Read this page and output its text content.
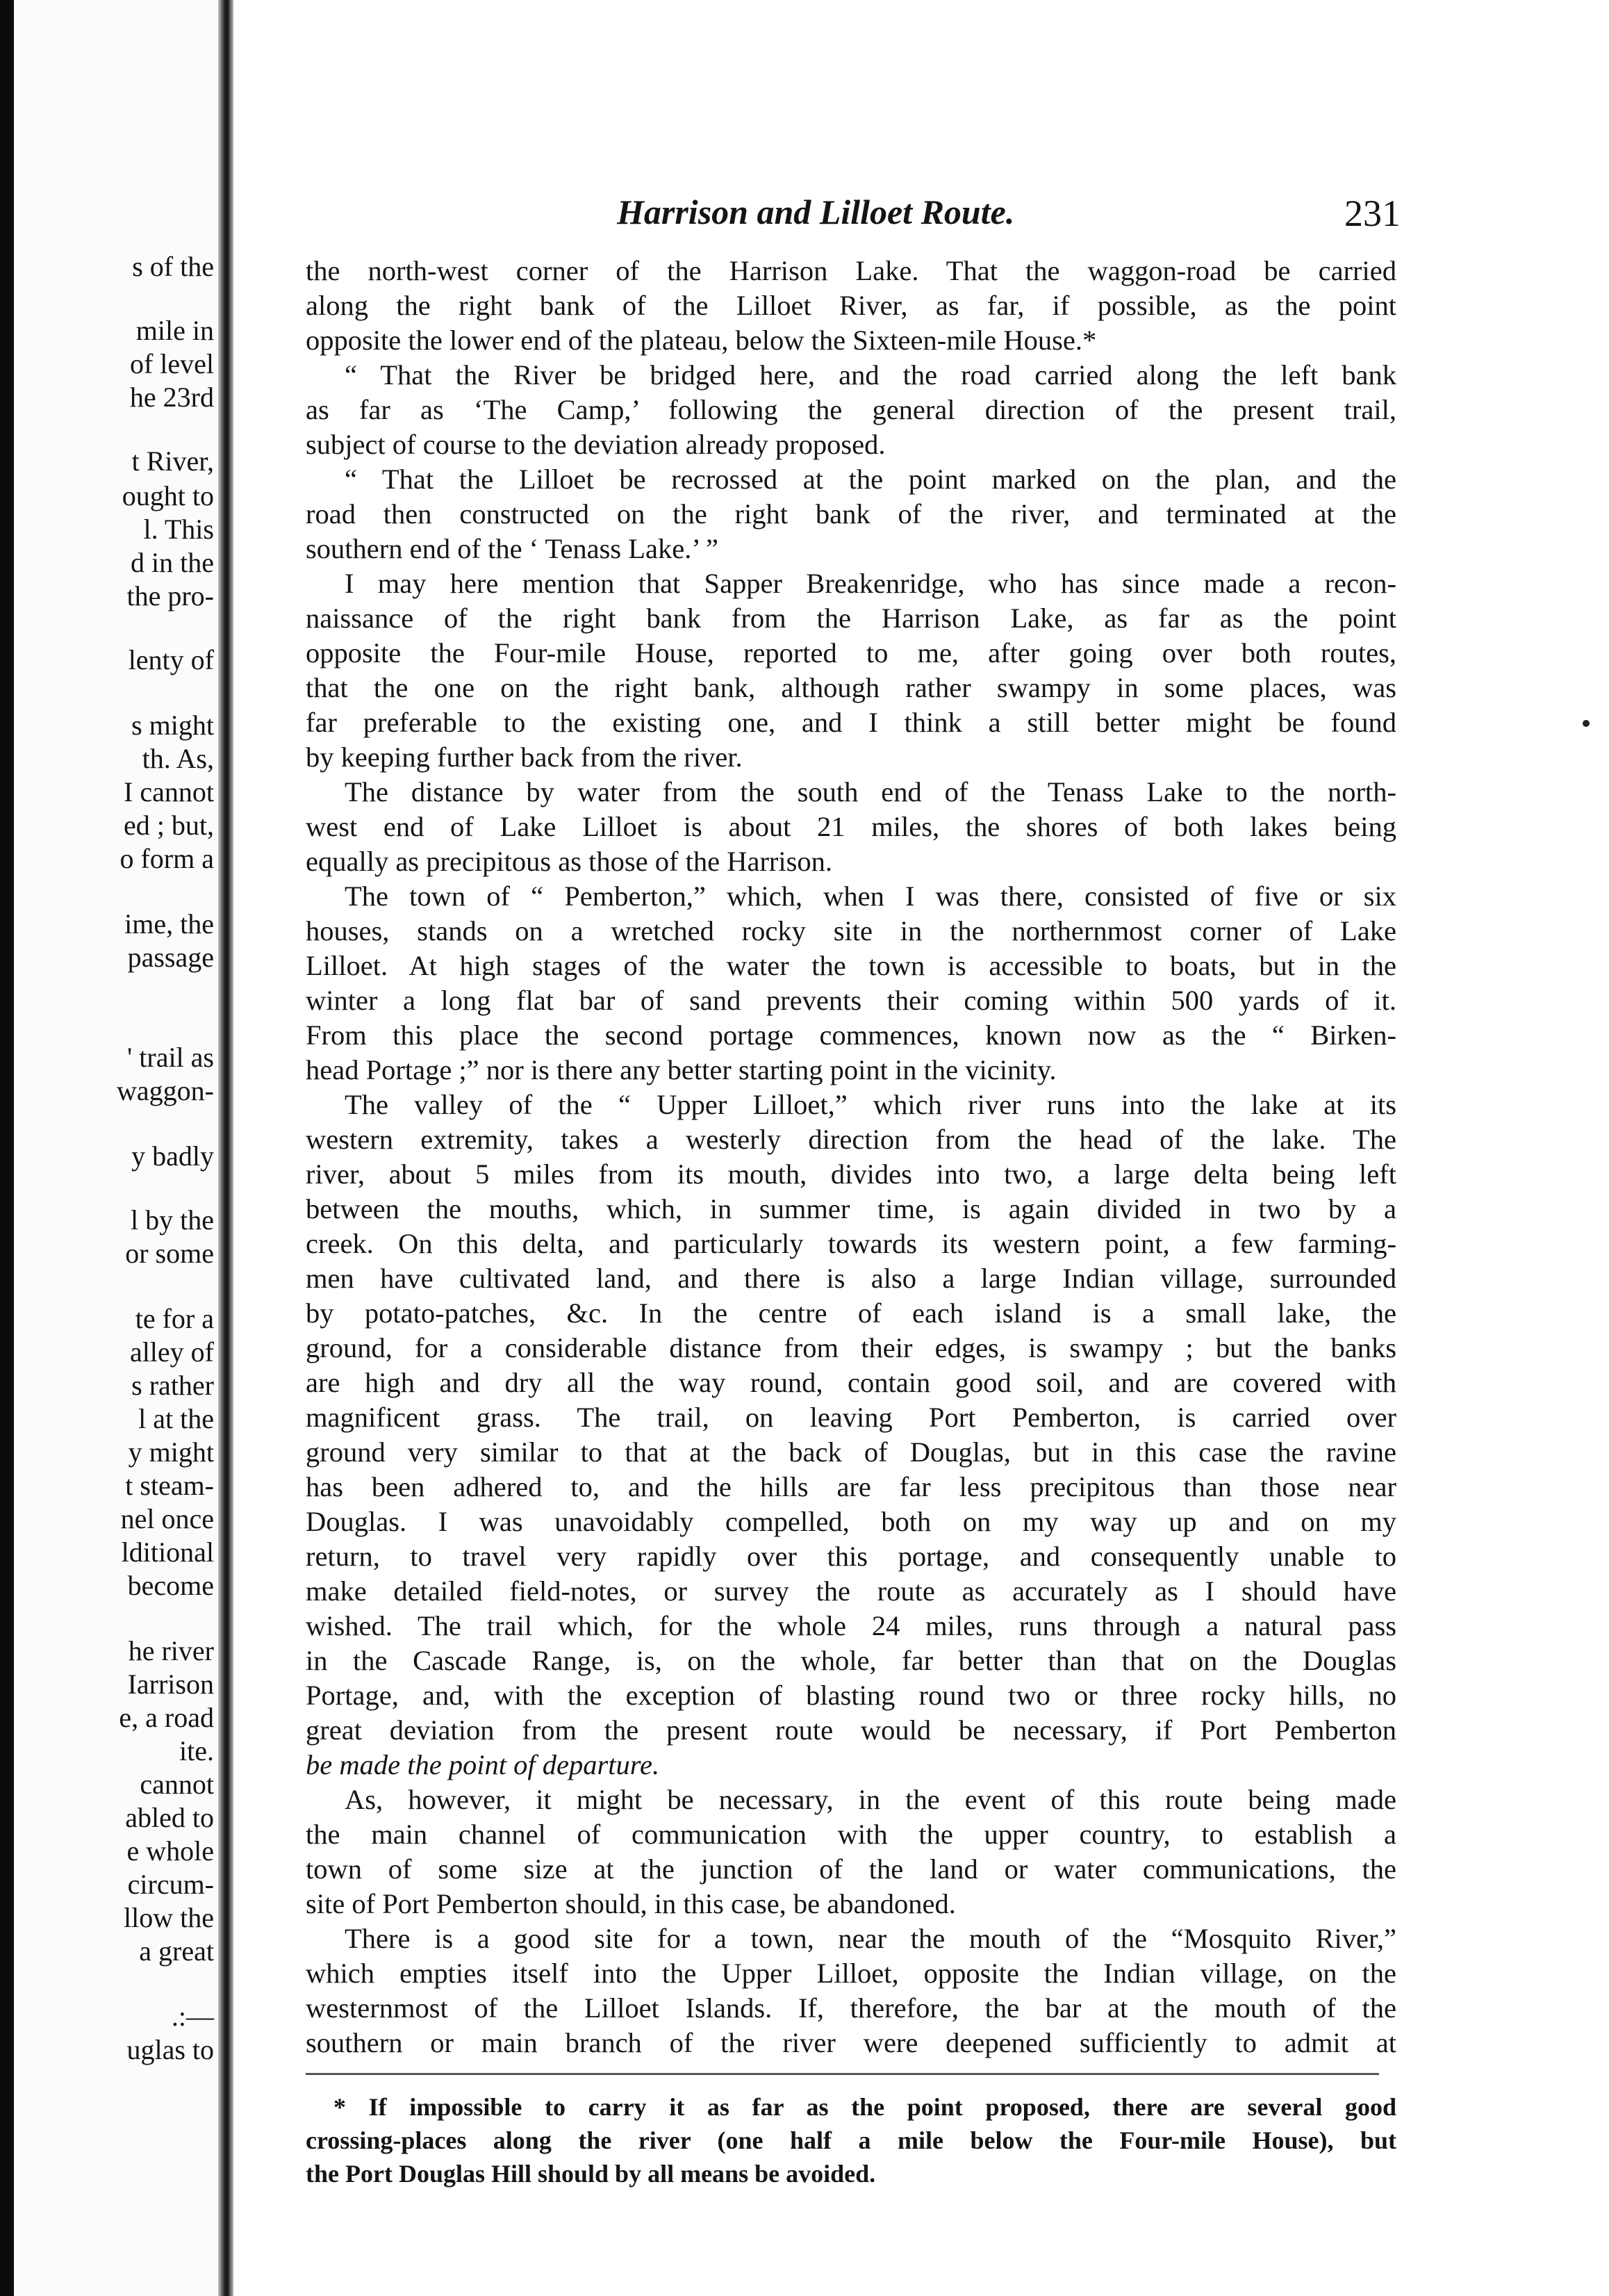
s of the
mile in
of level
he 23rd
t River,
ought to
l. This
d in the
the pro-
lenty of
s might
th. As,
I cannot
ed ; but,
o form a
ime, the
passage
' trail as
waggon-
y badly
l by the
or some
te for a
alley of
s rather
l at the
y might
t steam-
nel once
lditional
become
he river
Iarrison
e, a road
ite.
cannot
abled to
e whole
circum-
llow the
a great
.:—
uglas to
Harrison and Lilloet Route.	231
the north-west corner of the Harrison Lake. That the waggon-road be carried
along the right bank of the Lilloet River, as far, if possible, as the point
opposite the lower end of the plateau, below the Sixteen-mile House.*
“ That the River be bridged here, and the road carried along the left bank
as far as ‘The Camp,’ following the general direction of the present trail,
subject of course to the deviation already proposed.
“ That the Lilloet be recrossed at the point marked on the plan, and the
road then constructed on the right bank of the river, and terminated at the
southern end of the ‘ Tenass Lake.’ ”
I may here mention that Sapper Breakenridge, who has since made a recon-
naissance of the right bank from the Harrison Lake, as far as the point
opposite the Four-mile House, reported to me, after going over both routes,
that the one on the right bank, although rather swampy in some places, was
far preferable to the existing one, and I think a still better might be found
by keeping further back from the river.
The distance by water from the south end of the Tenass Lake to the north-
west end of Lake Lilloet is about 21 miles, the shores of both lakes being
equally as precipitous as those of the Harrison.
The town of “ Pemberton,” which, when I was there, consisted of five or six
houses, stands on a wretched rocky site in the northernmost corner of Lake
Lilloet. At high stages of the water the town is accessible to boats, but in the
winter a long flat bar of sand prevents their coming within 500 yards of it.
From this place the second portage commences, known now as the “ Birken-
head Portage ;” nor is there any better starting point in the vicinity.
The valley of the “ Upper Lilloet,” which river runs into the lake at its
western extremity, takes a westerly direction from the head of the lake. The
river, about 5 miles from its mouth, divides into two, a large delta being left
between the mouths, which, in summer time, is again divided in two by a
creek. On this delta, and particularly towards its western point, a few farming-
men have cultivated land, and there is also a large Indian village, surrounded
by potato-patches, &c. In the centre of each island is a small lake, the
ground, for a considerable distance from their edges, is swampy ; but the banks
are high and dry all the way round, contain good soil, and are covered with
magnificent grass. The trail, on leaving Port Pemberton, is carried over
ground very similar to that at the back of Douglas, but in this case the ravine
has been adhered to, and the hills are far less precipitous than those near
Douglas. I was unavoidably compelled, both on my way up and on my
return, to travel very rapidly over this portage, and consequently unable to
make detailed field-notes, or survey the route as accurately as I should have
wished. The trail which, for the whole 24 miles, runs through a natural pass
in the Cascade Range, is, on the whole, far better than that on the Douglas
Portage, and, with the exception of blasting round two or three rocky hills, no
great deviation from the present route would be necessary, if Port Pemberton
be made the point of departure.
As, however, it might be necessary, in the event of this route being made
the main channel of communication with the upper country, to establish a
town of some size at the junction of the land or water communications, the
site of Port Pemberton should, in this case, be abandoned.
There is a good site for a town, near the mouth of the “Mosquito River,”
which empties itself into the Upper Lilloet, opposite the Indian village, on the
westernmost of the Lilloet Islands. If, therefore, the bar at the mouth of the
southern or main branch of the river were deepened sufficiently to admit at
* If impossible to carry it as far as the point proposed, there are several good
crossing-places along the river (one half a mile below the Four-mile House), but
the Port Douglas Hill should by all means be avoided.
